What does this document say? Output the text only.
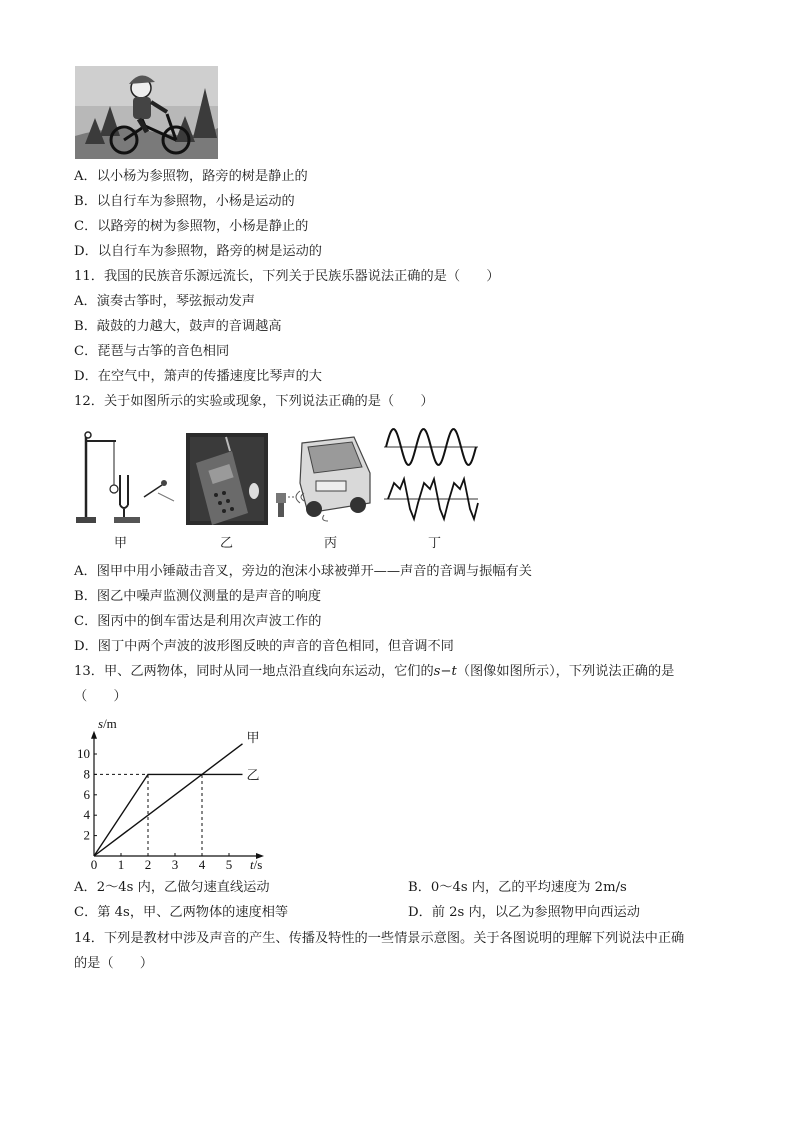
A．以小杨为参照物，路旁的树是静止的
B．以自行车为参照物，小杨是运动的
C．以路旁的树为参照物，小杨是静止的
D．以自行车为参照物，路旁的树是运动的
11．我国的民族音乐源远流长，下列关于民族乐器说法正确的是（　　）
A．演奏古筝时，琴弦振动发声
B．敲鼓的力越大，鼓声的音调越高
C．琵琶与古筝的音色相同
D．在空气中，箫声的传播速度比琴声的大
12．关于如图所示的实验或现象，下列说法正确的是（　　）
甲	乙	丙	丁
A．图甲中用小锤敲击音叉，旁边的泡沫小球被弹开——声音的音调与振幅有关
B．图乙中噪声监测仪测量的是声音的响度
C．图丙中的倒车雷达是利用次声波工作的
D．图丁中两个声波的波形图反映的声音的音色相同，但音调不同
13．甲、乙两物体，同时从同一地点沿直线向东运动，它们的s−t（图像如图所示），下列说法正确的是
（　　）
0 1 2 3 4 5
2
4
6
8
10
s/m
t/s
甲
乙
A．2～4s 内，乙做匀速直线运动	B．0～4s 内，乙的平均速度为 2m/s
C．第 4s，甲、乙两物体的速度相等	D．前 2s 内，以乙为参照物甲向西运动
14．下列是教材中涉及声音的产生、传播及特性的一些情景示意图。关于各图说明的理解下列说法中正确
的是（　　）
